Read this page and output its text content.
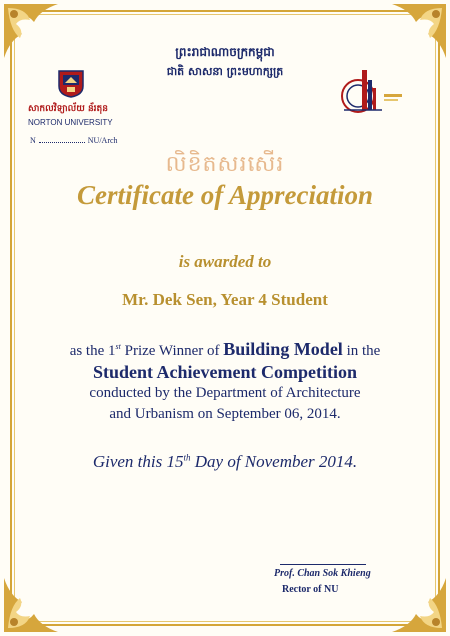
ព្រះរាជាណាចក្រកម្ពុជា
ជាតិ សាសនា ព្រះមហាក្សត្រ
សាកលវិទ្យាល័យ ន័រតុន
NORTON UNIVERSITY
N	NU/Arch
លិខិតសរសើរ
Certificate of Appreciation
is awarded to
Mr. Dek Sen, Year 4 Student
as the 1st Prize Winner of Building Model in the
Student Achievement Competition
conducted by the Department of Architecture
and Urbanism on September 06, 2014.
Given this 15th Day of November 2014.
Prof. Chan Sok Khieng
Rector of NU
